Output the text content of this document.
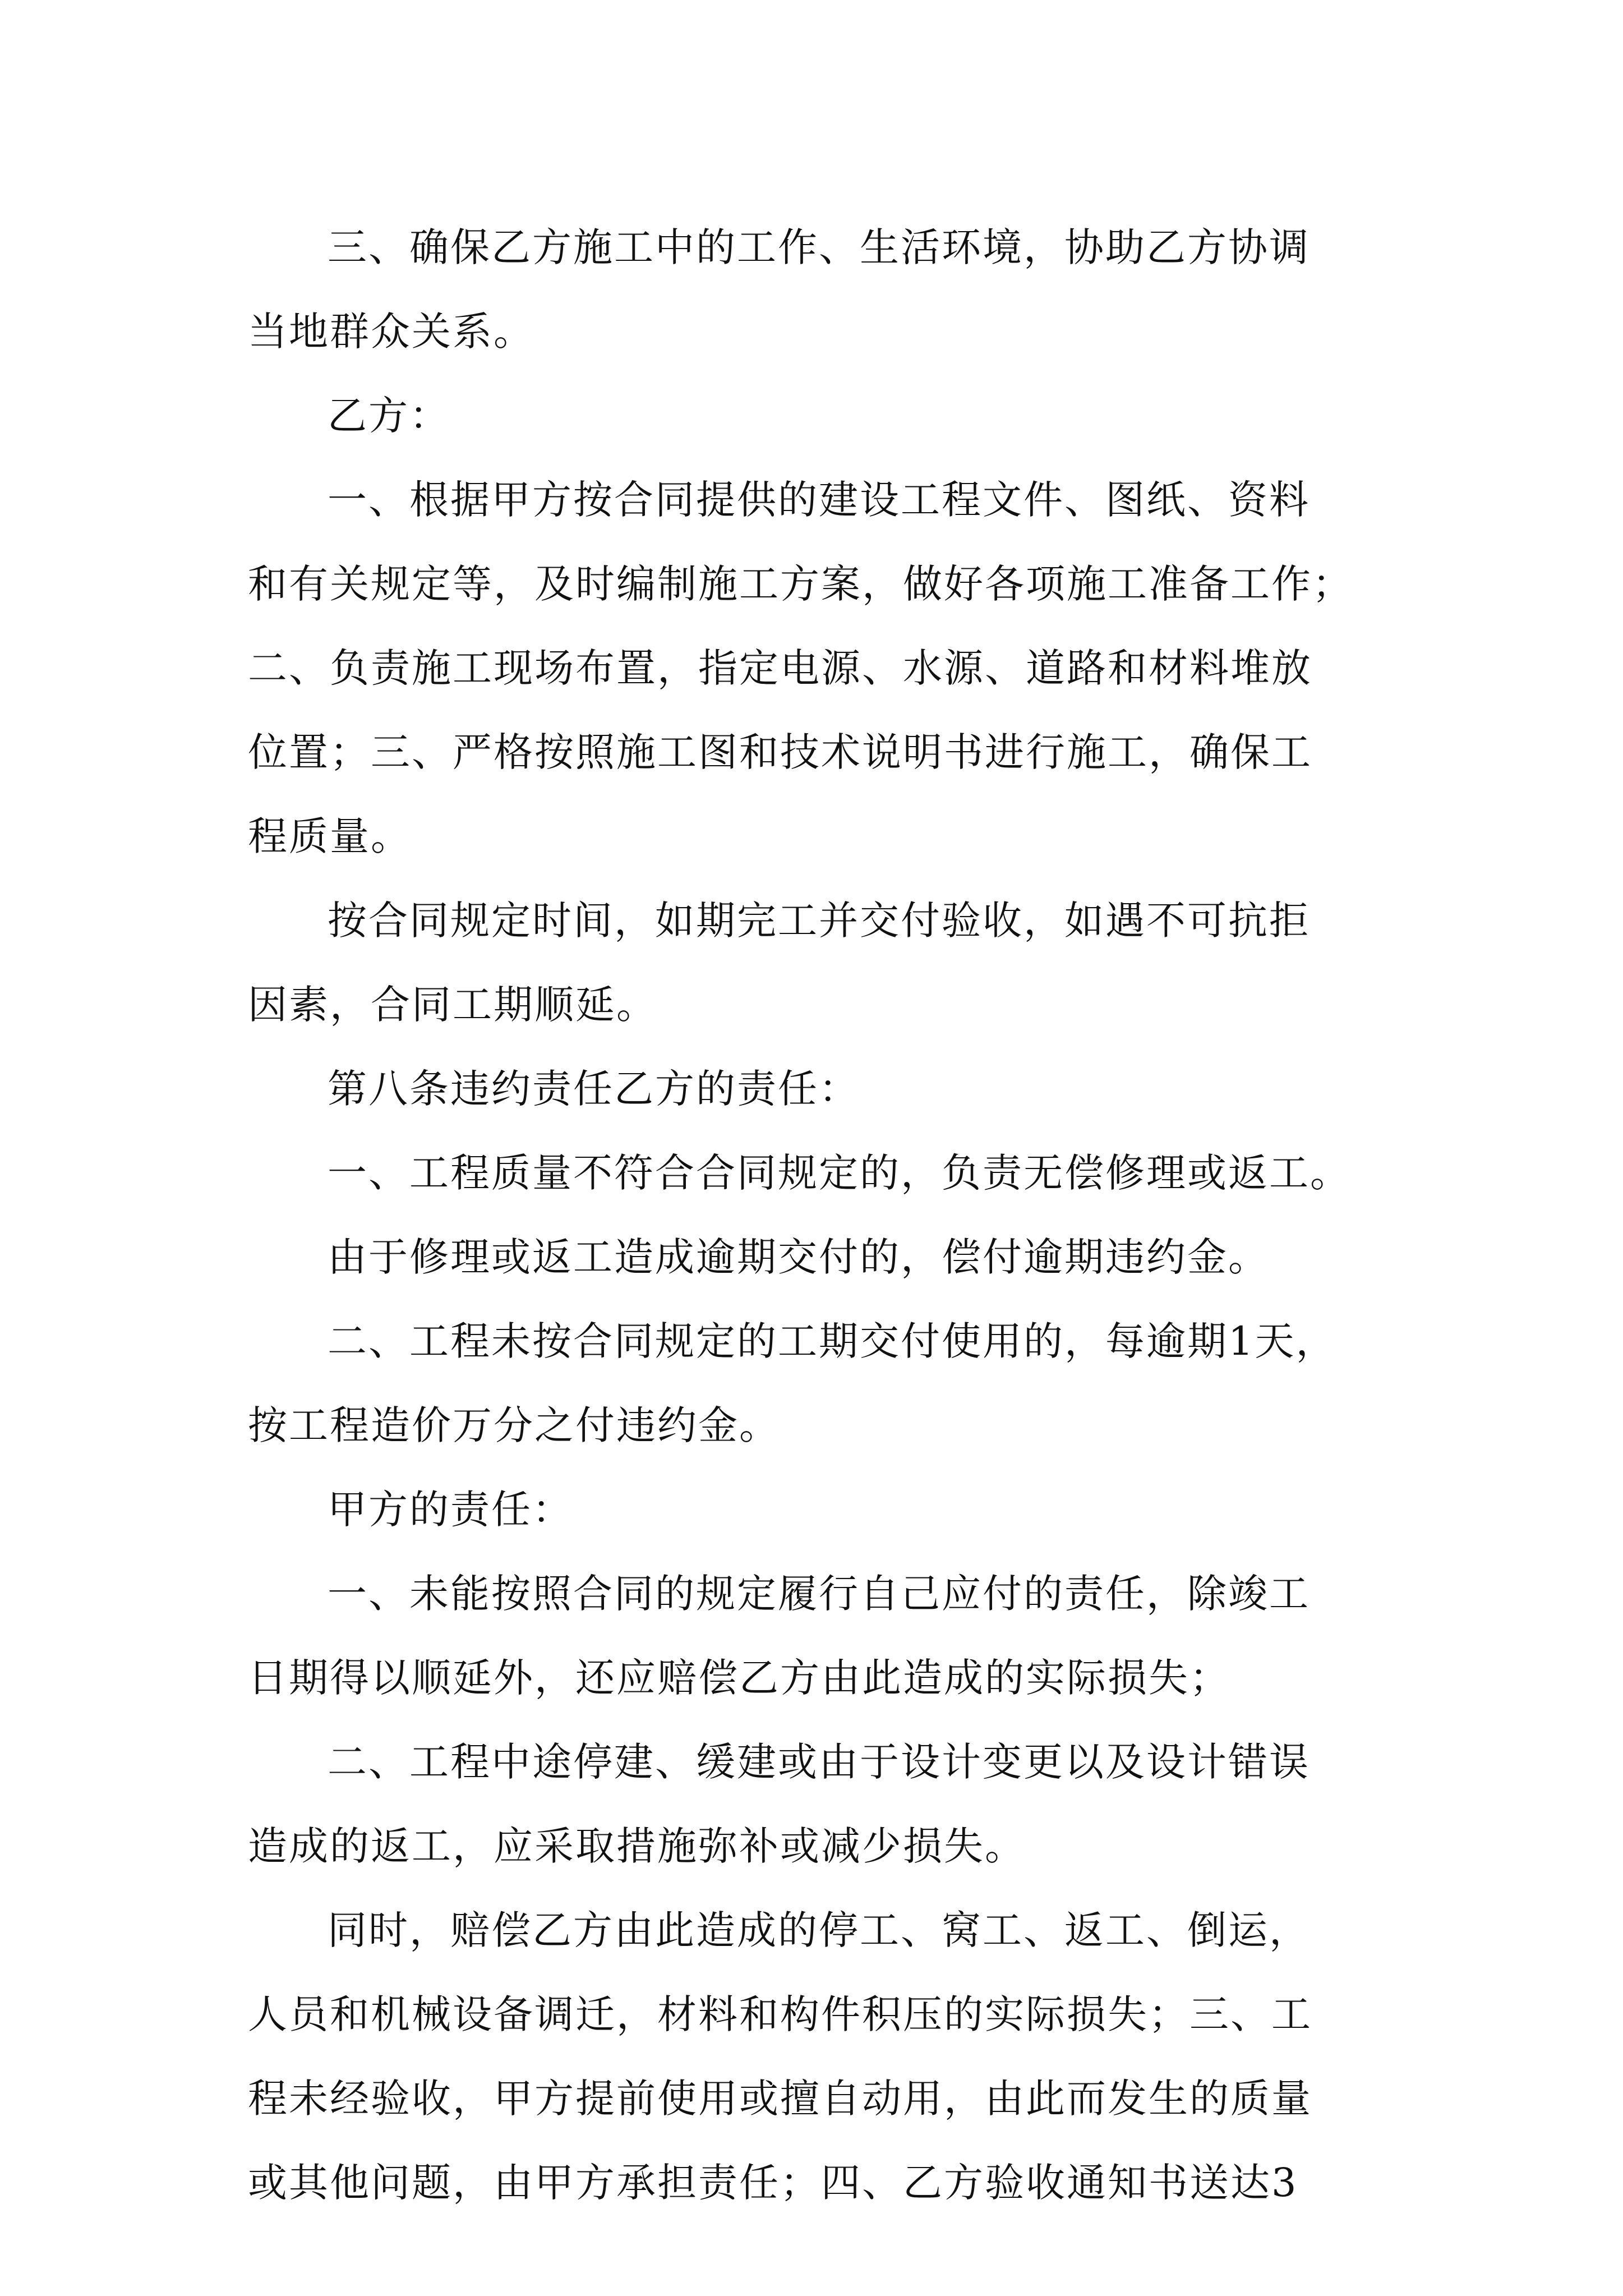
三、确保乙方施工中的工作、生活环境，协助乙方协调
当地群众关系。
乙方：
一、根据甲方按合同提供的建设工程文件、图纸、资料
和有关规定等，及时编制施工方案，做好各项施工准备工作；
二、负责施工现场布置，指定电源、水源、道路和材料堆放
位置；三、严格按照施工图和技术说明书进行施工，确保工
程质量。
按合同规定时间，如期完工并交付验收，如遇不可抗拒
因素，合同工期顺延。
第八条违约责任乙方的责任：
一、工程质量不符合合同规定的，负责无偿修理或返工。
由于修理或返工造成逾期交付的，偿付逾期违约金。
二、工程未按合同规定的工期交付使用的，每逾期1天，
按工程造价万分之付违约金。
甲方的责任：
一、未能按照合同的规定履行自己应付的责任，除竣工
日期得以顺延外，还应赔偿乙方由此造成的实际损失；
二、工程中途停建、缓建或由于设计变更以及设计错误
造成的返工，应采取措施弥补或减少损失。
同时，赔偿乙方由此造成的停工、窝工、返工、倒运，
人员和机械设备调迁，材料和构件积压的实际损失；三、工
程未经验收，甲方提前使用或擅自动用，由此而发生的质量
或其他问题，由甲方承担责任；四、乙方验收通知书送达3
